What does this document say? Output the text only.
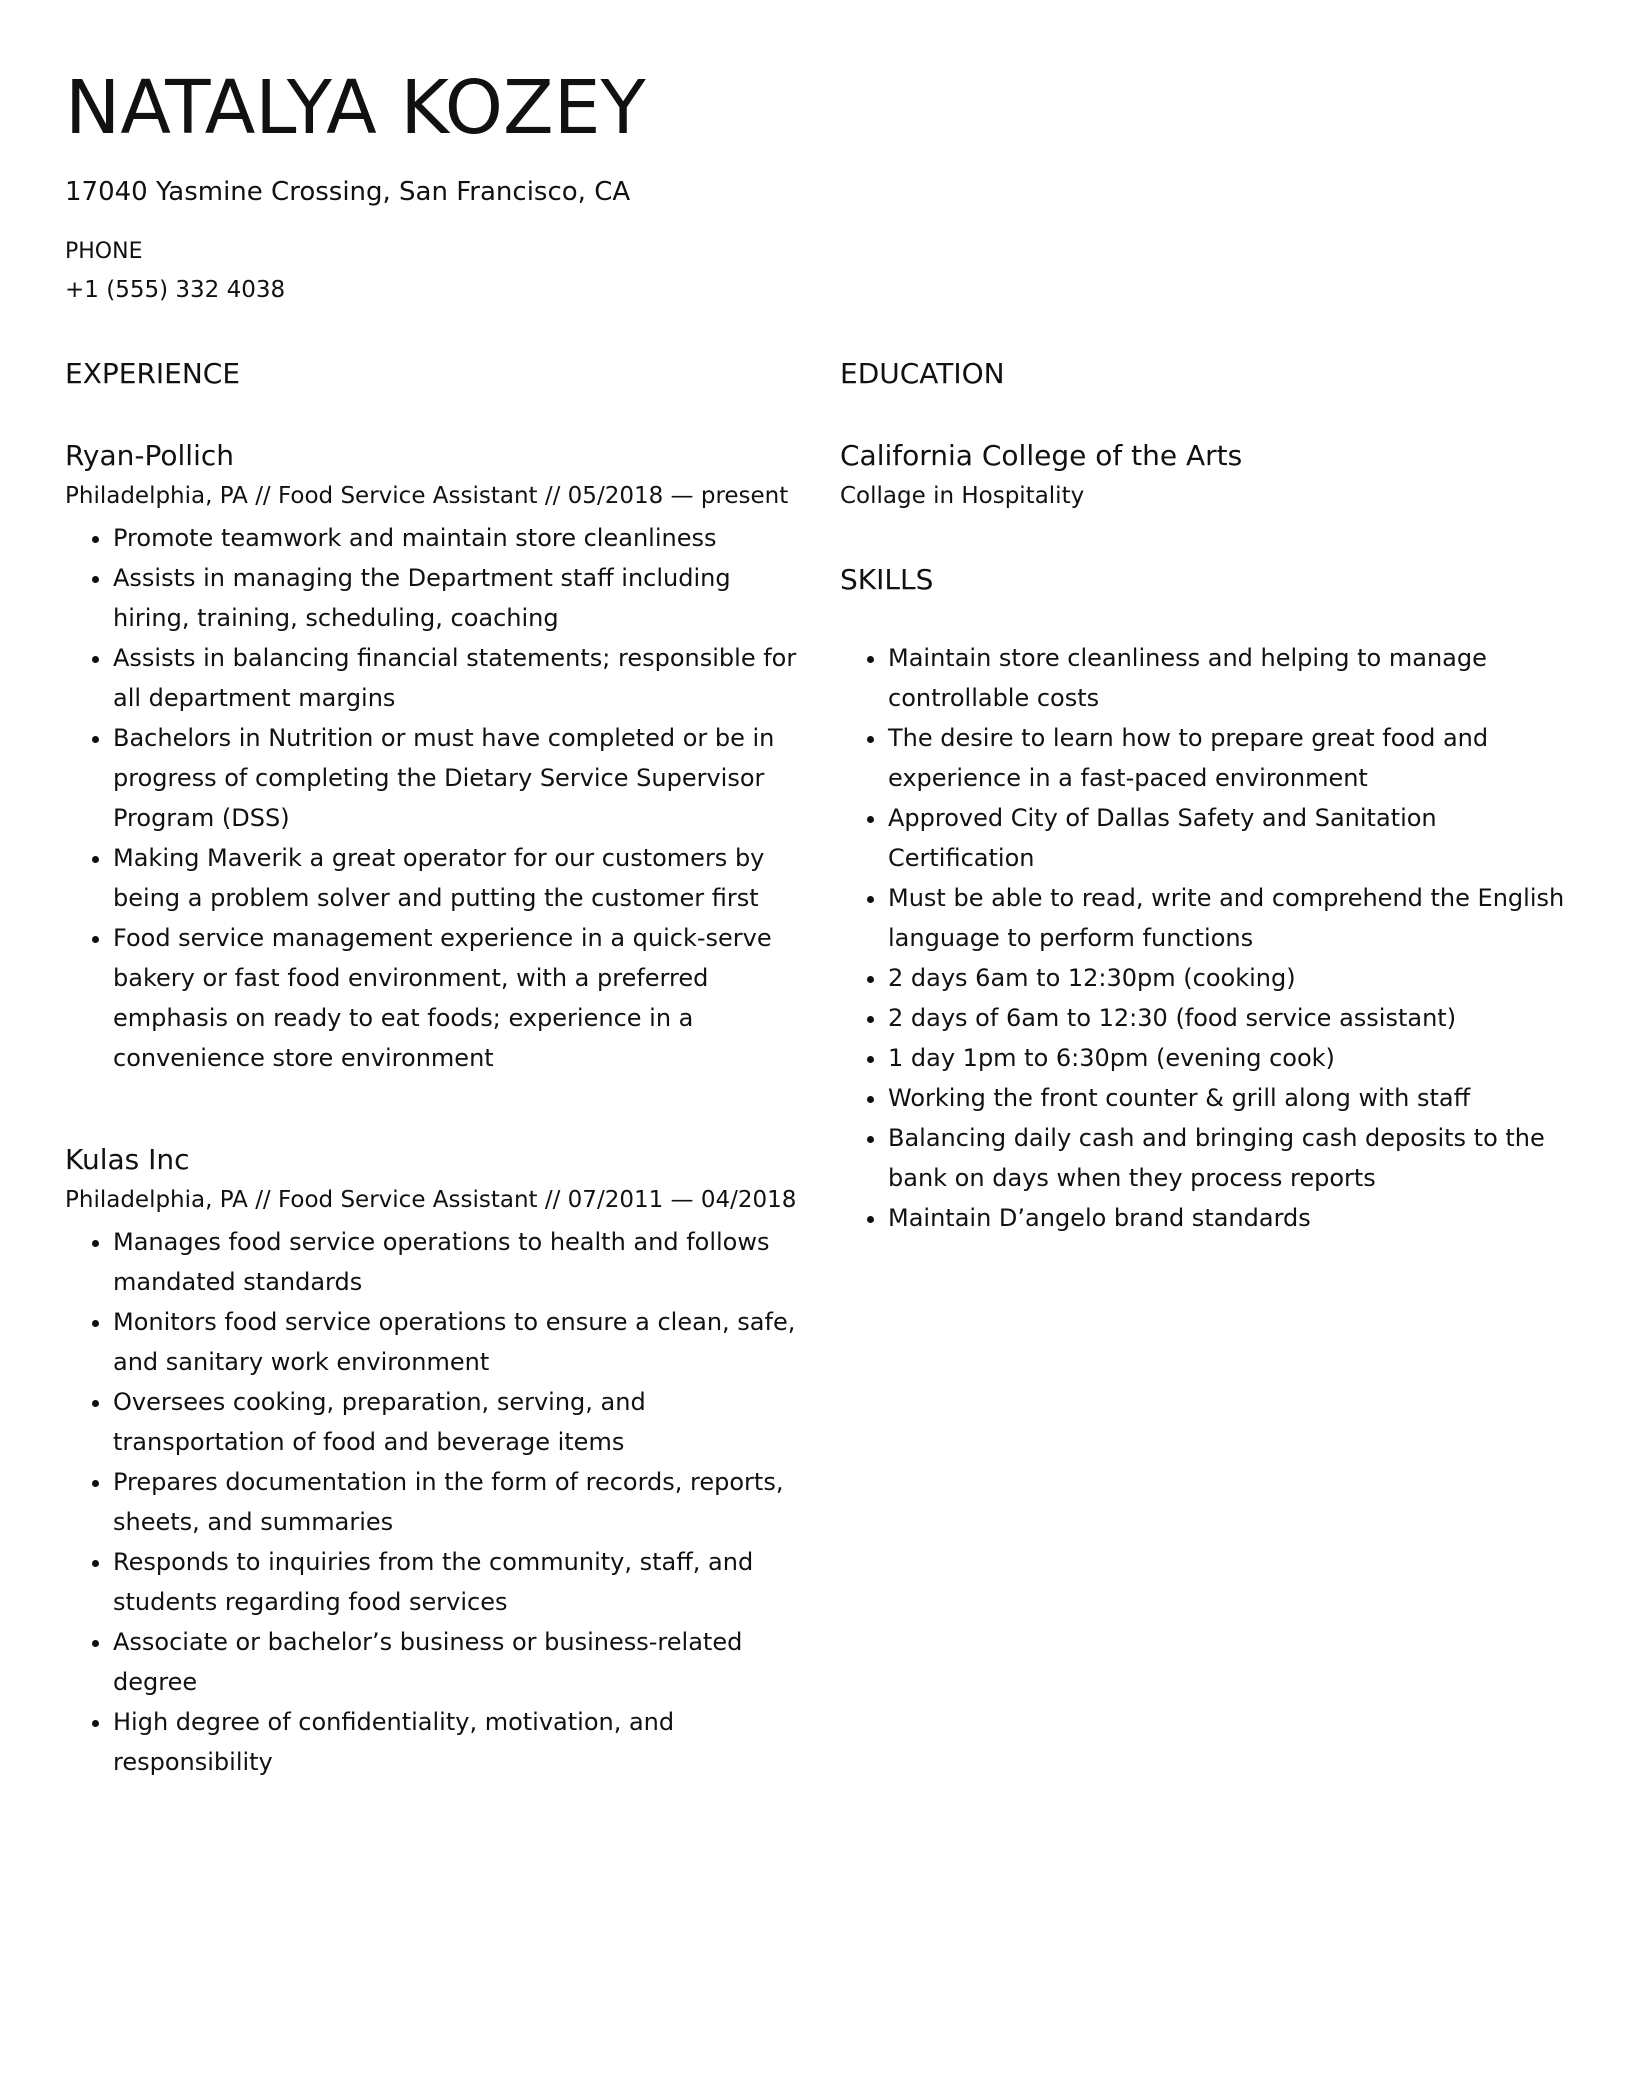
NATALYA KOZEY
17040 Yasmine Crossing, San Francisco, CA
PHONE
+1 (555) 332 4038
EXPERIENCE
Ryan-Pollich
Philadelphia, PA // Food Service Assistant // 05/2018 — present
• Promote teamwork and maintain store cleanliness
• Assists in managing the Department staff including hiring, training, scheduling, coaching
• Assists in balancing financial statements; responsible for all department margins
• Bachelors in Nutrition or must have completed or be in progress of completing the Dietary Service Supervisor Program (DSS)
• Making Maverik a great operator for our customers by being a problem solver and putting the customer first
• Food service management experience in a quick-serve bakery or fast food environment, with a preferred emphasis on ready to eat foods; experience in a convenience store environment
Kulas Inc
Philadelphia, PA // Food Service Assistant // 07/2011 — 04/2018
• Manages food service operations to health and follows mandated standards
• Monitors food service operations to ensure a clean, safe, and sanitary work environment
• Oversees cooking, preparation, serving, and transportation of food and beverage items
• Prepares documentation in the form of records, reports, sheets, and summaries
• Responds to inquiries from the community, staff, and students regarding food services
• Associate or bachelor’s business or business-related degree
• High degree of confidentiality, motivation, and responsibility
EDUCATION
California College of the Arts
Collage in Hospitality
SKILLS
• Maintain store cleanliness and helping to manage controllable costs
• The desire to learn how to prepare great food and experience in a fast-paced environment
• Approved City of Dallas Safety and Sanitation Certification
• Must be able to read, write and comprehend the English language to perform functions
• 2 days 6am to 12:30pm (cooking)
• 2 days of 6am to 12:30 (food service assistant)
• 1 day 1pm to 6:30pm (evening cook)
• Working the front counter & grill along with staff
• Balancing daily cash and bringing cash deposits to the bank on days when they process reports
• Maintain D’angelo brand standards
